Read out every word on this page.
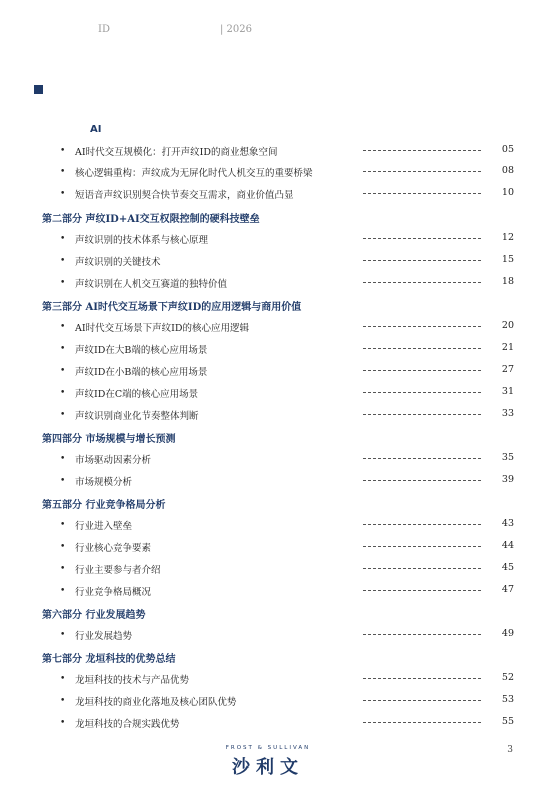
ID	| 2026
AI
• AI时代交互规模化：打开声纹ID的商业想象空间	05
• 核心逻辑重构：声纹成为无屏化时代人机交互的重要桥梁	08
• 短语音声纹识别契合快节奏交互需求，商业价值凸显	10
第二部分 声纹ID+AI交互权限控制的硬科技壁垒
• 声纹识别的技术体系与核心原理	12
• 声纹识别的关键技术	15
• 声纹识别在人机交互赛道的独特价值	18
第三部分 AI时代交互场景下声纹ID的应用逻辑与商用价值
• AI时代交互场景下声纹ID的核心应用逻辑	20
• 声纹ID在大B端的核心应用场景	21
• 声纹ID在小B端的核心应用场景	27
• 声纹ID在C端的核心应用场景	31
• 声纹识别商业化节奏整体判断	33
第四部分 市场规模与增长预测
• 市场驱动因素分析	35
• 市场规模分析	39
第五部分 行业竞争格局分析
• 行业进入壁垒	43
• 行业核心竞争要素	44
• 行业主要参与者介绍	45
• 行业竞争格局概况	47
第六部分 行业发展趋势
• 行业发展趋势	49
第七部分 龙垣科技的优势总结
• 龙垣科技的技术与产品优势	52
• 龙垣科技的商业化落地及核心团队优势	53
• 龙垣科技的合规实践优势	55
FROST & SULLIVAN
沙利文
3
